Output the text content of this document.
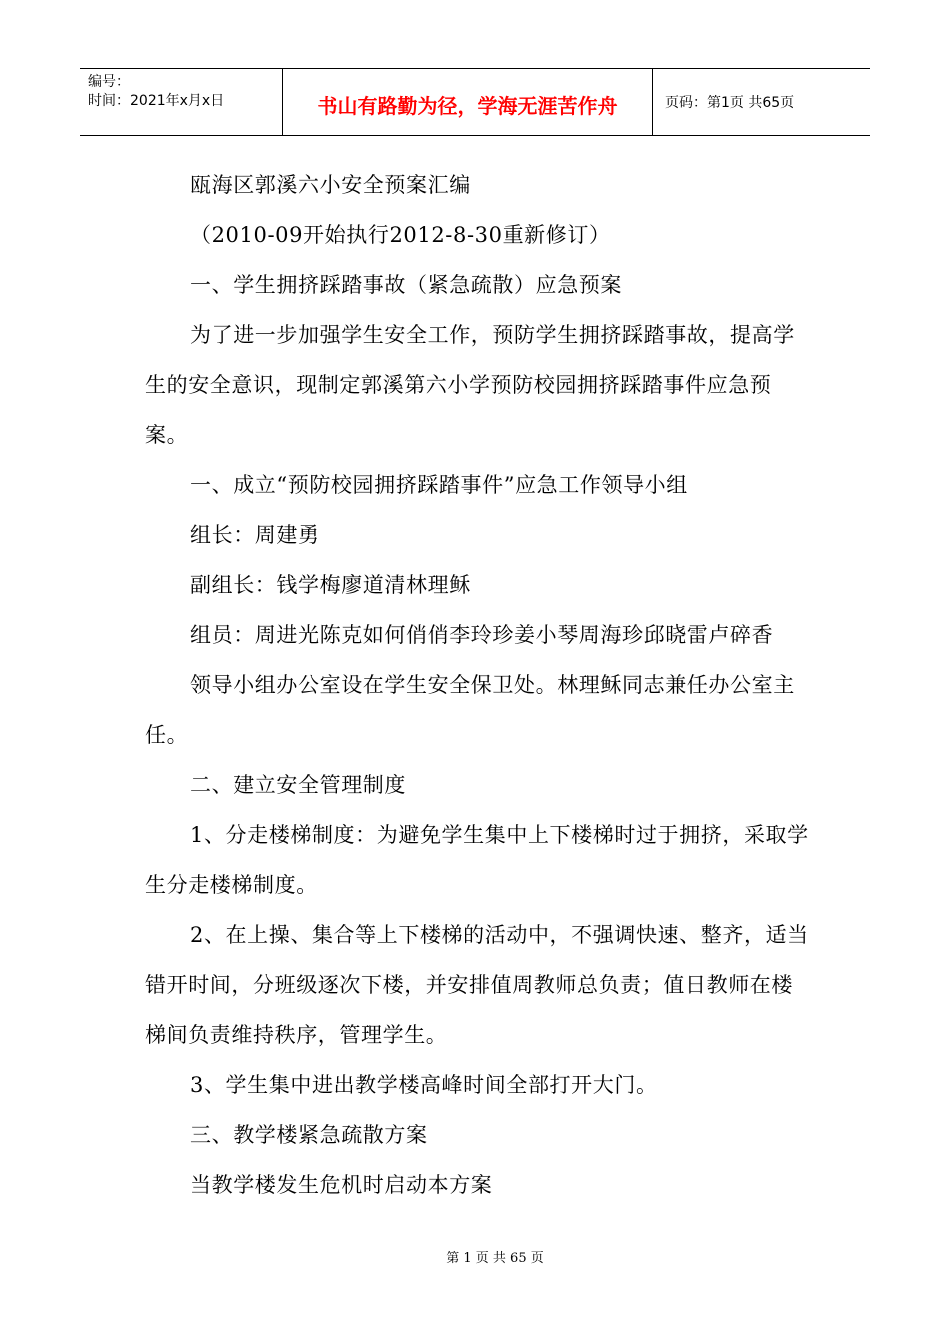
编号：
时间：2021年x月x日	书山有路勤为径，学海无涯苦作舟	页码：第1页 共65页

瓯海区郭溪六小安全预案汇编

（2010-09开始执行2012-8-30重新修订）

一、学生拥挤踩踏事故（紧急疏散）应急预案

为了进一步加强学生安全工作，预防学生拥挤踩踏事故，提高学生的安全意识，现制定郭溪第六小学预防校园拥挤踩踏事件应急预案。

一、成立“预防校园拥挤踩踏事件”应急工作领导小组

组长：周建勇

副组长：钱学梅廖道清林理稣

组员：周进光陈克如何俏俏李玲珍姜小琴周海珍邱晓雷卢碎香

领导小组办公室设在学生安全保卫处。林理稣同志兼任办公室主任。

二、建立安全管理制度

1、分走楼梯制度：为避免学生集中上下楼梯时过于拥挤，采取学生分走楼梯制度。

2、在上操、集合等上下楼梯的活动中，不强调快速、整齐，适当错开时间，分班级逐次下楼，并安排值周教师总负责；值日教师在楼梯间负责维持秩序，管理学生。

3、学生集中进出教学楼高峰时间全部打开大门。

三、教学楼紧急疏散方案

当教学楼发生危机时启动本方案

第 1 页 共 65 页
